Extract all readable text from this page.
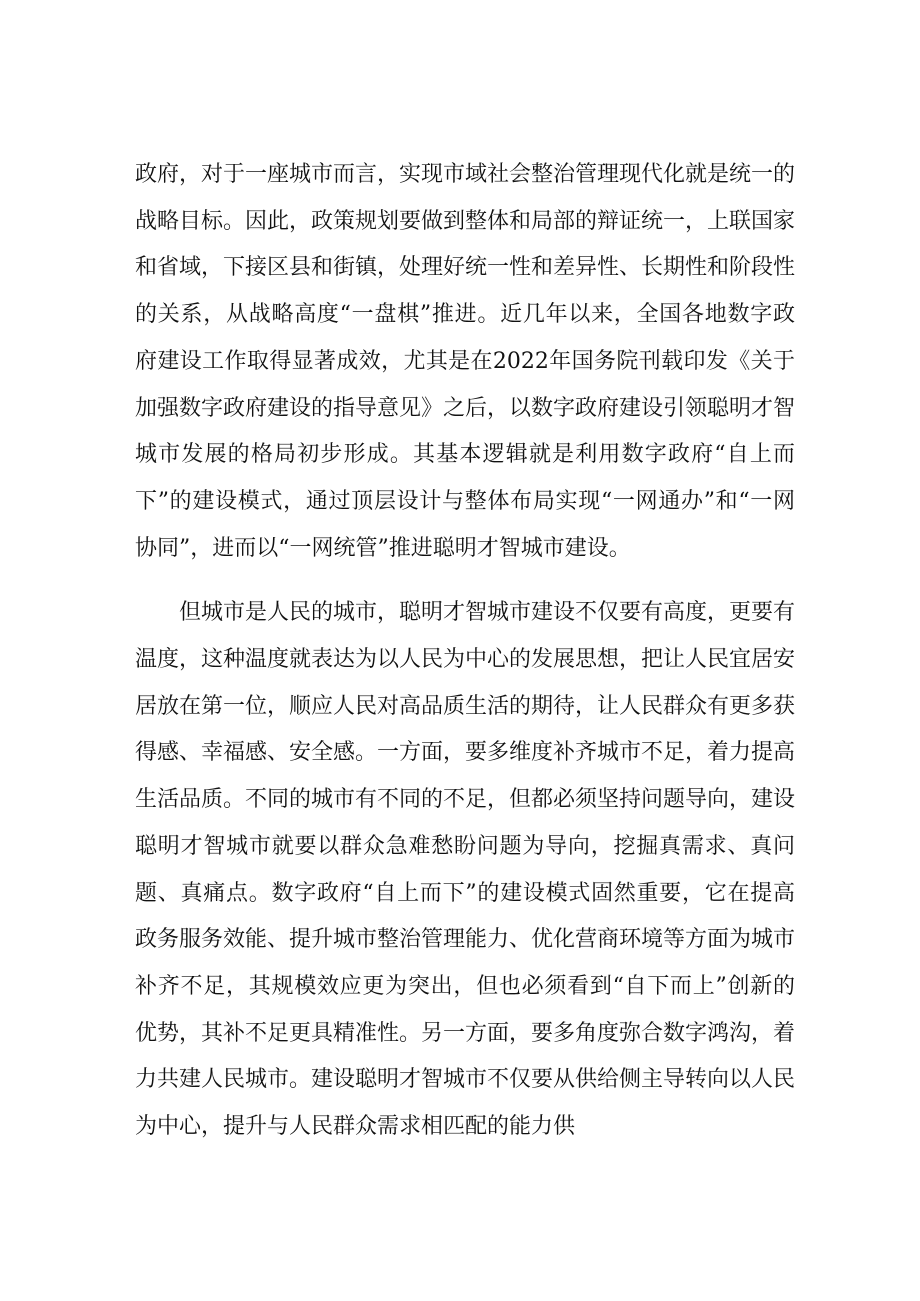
政府，对于一座城市而言，实现市域社会整治管理现代化就是统一的战略目标。因此，政策规划要做到整体和局部的辩证统一，上联国家和省域，下接区县和街镇，处理好统一性和差异性、长期性和阶段性的关系，从战略高度“一盘棋”推进。近几年以来，全国各地数字政府建设工作取得显著成效，尤其是在2022年国务院刊载印发《关于加强数字政府建设的指导意见》之后，以数字政府建设引领聪明才智城市发展的格局初步形成。其基本逻辑就是利用数字政府“自上而下”的建设模式，通过顶层设计与整体布局实现“一网通办”和“一网协同”，进而以“一网统管”推进聪明才智城市建设。

但城市是人民的城市，聪明才智城市建设不仅要有高度，更要有温度，这种温度就表达为以人民为中心的发展思想，把让人民宜居安居放在第一位，顺应人民对高品质生活的期待，让人民群众有更多获得感、幸福感、安全感。一方面，要多维度补齐城市不足，着力提高生活品质。不同的城市有不同的不足，但都必须坚持问题导向，建设聪明才智城市就要以群众急难愁盼问题为导向，挖掘真需求、真问题、真痛点。数字政府“自上而下”的建设模式固然重要，它在提高政务服务效能、提升城市整治管理能力、优化营商环境等方面为城市补齐不足，其规模效应更为突出，但也必须看到“自下而上”创新的优势，其补不足更具精准性。另一方面，要多角度弥合数字鸿沟，着力共建人民城市。建设聪明才智城市不仅要从供给侧主导转向以人民为中心，提升与人民群众需求相匹配的能力供
